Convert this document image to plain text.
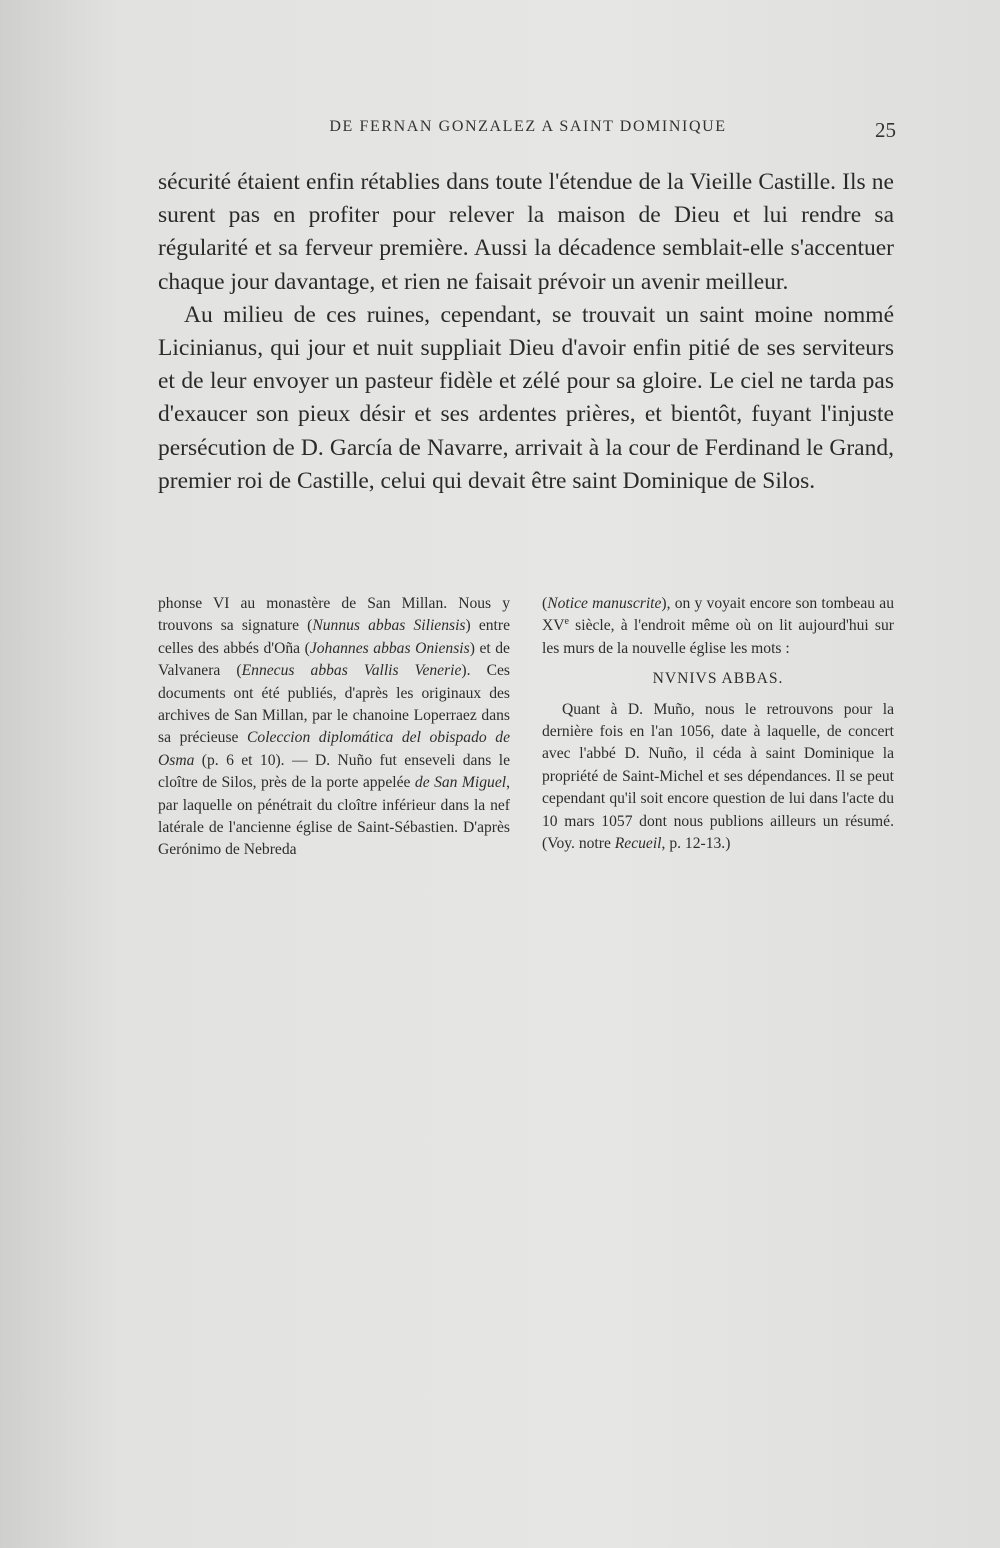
DE FERNAN GONZALEZ A SAINT DOMINIQUE	25

sécurité étaient enfin rétablies dans toute l'étendue de la Vieille Castille. Ils ne surent pas en profiter pour relever la maison de Dieu et lui rendre sa régularité et sa ferveur première. Aussi la décadence semblait-elle s'accentuer chaque jour davantage, et rien ne faisait prévoir un avenir meilleur.

Au milieu de ces ruines, cependant, se trouvait un saint moine nommé Licinianus, qui jour et nuit suppliait Dieu d'avoir enfin pitié de ses serviteurs et de leur envoyer un pasteur fidèle et zélé pour sa gloire. Le ciel ne tarda pas d'exaucer son pieux désir et ses ardentes prières, et bientôt, fuyant l'injuste persécution de D. García de Navarre, arrivait à la cour de Ferdinand le Grand, premier roi de Castille, celui qui devait être saint Dominique de Silos.

phonse VI au monastère de San Millan. Nous y trouvons sa signature (Nunnus abbas Siliensis) entre celles des abbés d'Oña (Johannes abbas Oniensis) et de Valvanera (Ennecus abbas Vallis Venerie). Ces documents ont été publiés, d'après les originaux des archives de San Millan, par le chanoine Loperraez dans sa précieuse Coleccion diplomática del obispado de Osma (p. 6 et 10). — D. Nuño fut enseveli dans le cloître de Silos, près de la porte appelée de San Miguel, par laquelle on pénétrait du cloître inférieur dans la nef latérale de l'ancienne église de Saint-Sébastien. D'après Gerónimo de Nebreda

(Notice manuscrite), on y voyait encore son tombeau au XVe siècle, à l'endroit même où on lit aujourd'hui sur les murs de la nouvelle église les mots :

NVNIVS ABBAS.

Quant à D. Muño, nous le retrouvons pour la dernière fois en l'an 1056, date à laquelle, de concert avec l'abbé D. Nuño, il céda à saint Dominique la propriété de Saint-Michel et ses dépendances. Il se peut cependant qu'il soit encore question de lui dans l'acte du 10 mars 1057 dont nous publions ailleurs un résumé. (Voy. notre Recueil, p. 12-13.)
